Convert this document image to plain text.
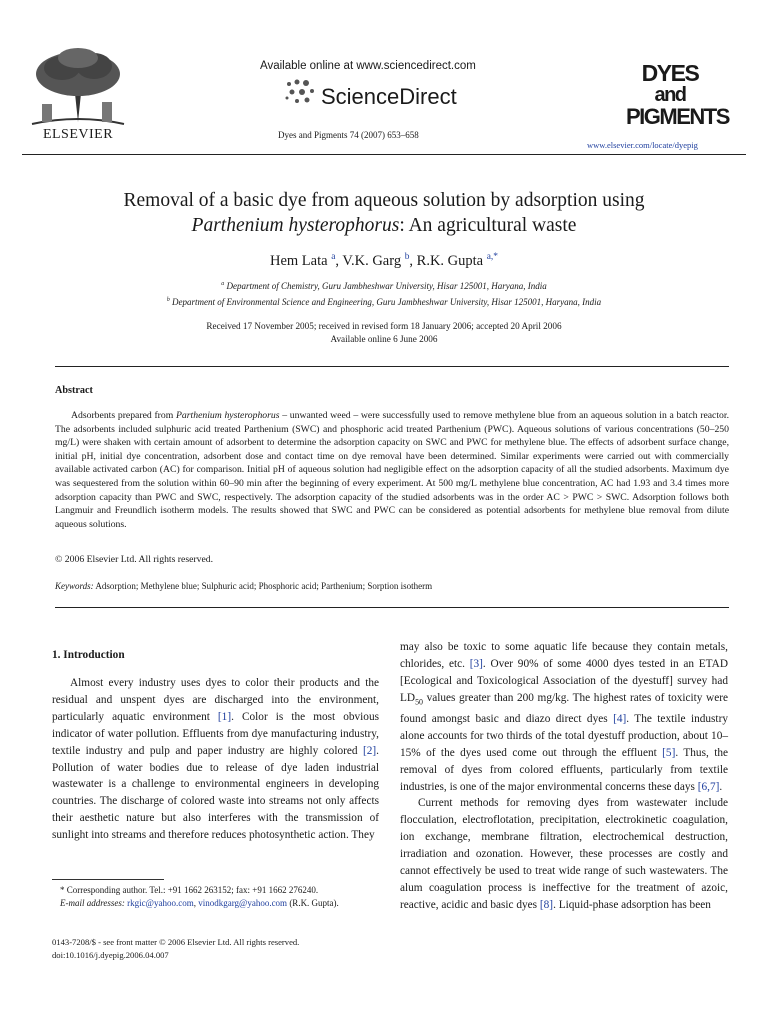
ELSEVIER
Available online at www.sciencedirect.com
ScienceDirect
Dyes and Pigments 74 (2007) 653–658
DYES
and
PIGMENTS
www.elsevier.com/locate/dyepig
Removal of a basic dye from aqueous solution by adsorption using
Parthenium hysterophorus: An agricultural waste
Hem Lata $^a$, V.K. Garg $^b$, R.K. Gupta $^{a,*}$
$^a$ Department of Chemistry, Guru Jambheshwar University, Hisar 125001, Haryana, India
$^b$ Department of Environmental Science and Engineering, Guru Jambheshwar University, Hisar 125001, Haryana, India
Received 17 November 2005; received in revised form 18 January 2006; accepted 20 April 2006
Available online 6 June 2006
Abstract

Adsorbents prepared from Parthenium hysterophorus – unwanted weed – were successfully used to remove methylene blue from an aqueous solution in a batch reactor. The adsorbents included sulphuric acid treated Parthenium (SWC) and phosphoric acid treated Parthenium (PWC). Aqueous solutions of various concentrations (50–250 mg/L) were shaken with certain amount of adsorbent to determine the adsorption capacity on SWC and PWC for methylene blue. The effects of adsorbent surface change, initial pH, initial dye concentration, adsorbent dose and contact time on dye removal have been determined. Similar experiments were carried out with commercially available activated carbon (AC) for comparison. Initial pH of aqueous solution had negligible effect on the adsorption capacity of all the studied adsorbents. Maximum dye was sequestered from the solution within 60–90 min after the beginning of every experiment. At 500 mg/L methylene blue concentration, AC had 1.93 and 3.4 times more adsorption capacity than PWC and SWC, respectively. The adsorption capacity of the studied adsorbents was in the order AC > PWC > SWC. Adsorption follows both Langmuir and Freundlich isotherm models. The results showed that SWC and PWC can be considered as potential adsorbents for methylene blue removal from dilute aqueous solutions.

© 2006 Elsevier Ltd. All rights reserved.
Keywords: Adsorption; Methylene blue; Sulphuric acid; Phosphoric acid; Parthenium; Sorption isotherm
1. Introduction

Almost every industry uses dyes to color their products and the residual and unspent dyes are discharged into the environment, particularly aquatic environment [1]. Color is the most obvious indicator of water pollution. Effluents from dye manufacturing industry, textile industry and pulp and paper industry are highly colored [2]. Pollution of water bodies due to release of dye laden industrial wastewater is a challenge to environmental engineers in developing countries. The discharge of colored waste into streams not only affects their aesthetic nature but also interferes with the transmission of sunlight into streams and therefore reduces photosynthetic action. They

may also be toxic to some aquatic life because they contain metals, chlorides, etc. [3]. Over 90% of some 4000 dyes tested in an ETAD [Ecological and Toxicological Association of the dyestuff] survey had $LD_{50}$ values greater than 200 mg/kg. The highest rates of toxicity were found amongst basic and diazo direct dyes [4]. The textile industry alone accounts for two thirds of the total dyestuff production, about 10–15% of the dyes used come out through the effluent [5]. Thus, the removal of dyes from colored effluents, particularly from textile industries, is one of the major environmental concerns these days [6,7].

Current methods for removing dyes from wastewater include flocculation, electroflotation, precipitation, electrokinetic coagulation, ion exchange, membrane filtration, electrochemical destruction, irradiation and ozonation. However, these processes are costly and cannot effectively be used to treat wide range of such wastewaters. The alum coagulation process is ineffective for the treatment of azoic, reactive, acidic and basic dyes [8]. Liquid-phase adsorption has been

* Corresponding author. Tel.: +91 1662 263152; fax: +91 1662 276240.

E-mail addresses: rkgic@yahoo.com, vinodkgarg@yahoo.com (R.K. Gupta).

0143-7208/$ - see front matter © 2006 Elsevier Ltd. All rights reserved.
doi:10.1016/j.dyepig.2006.04.007
